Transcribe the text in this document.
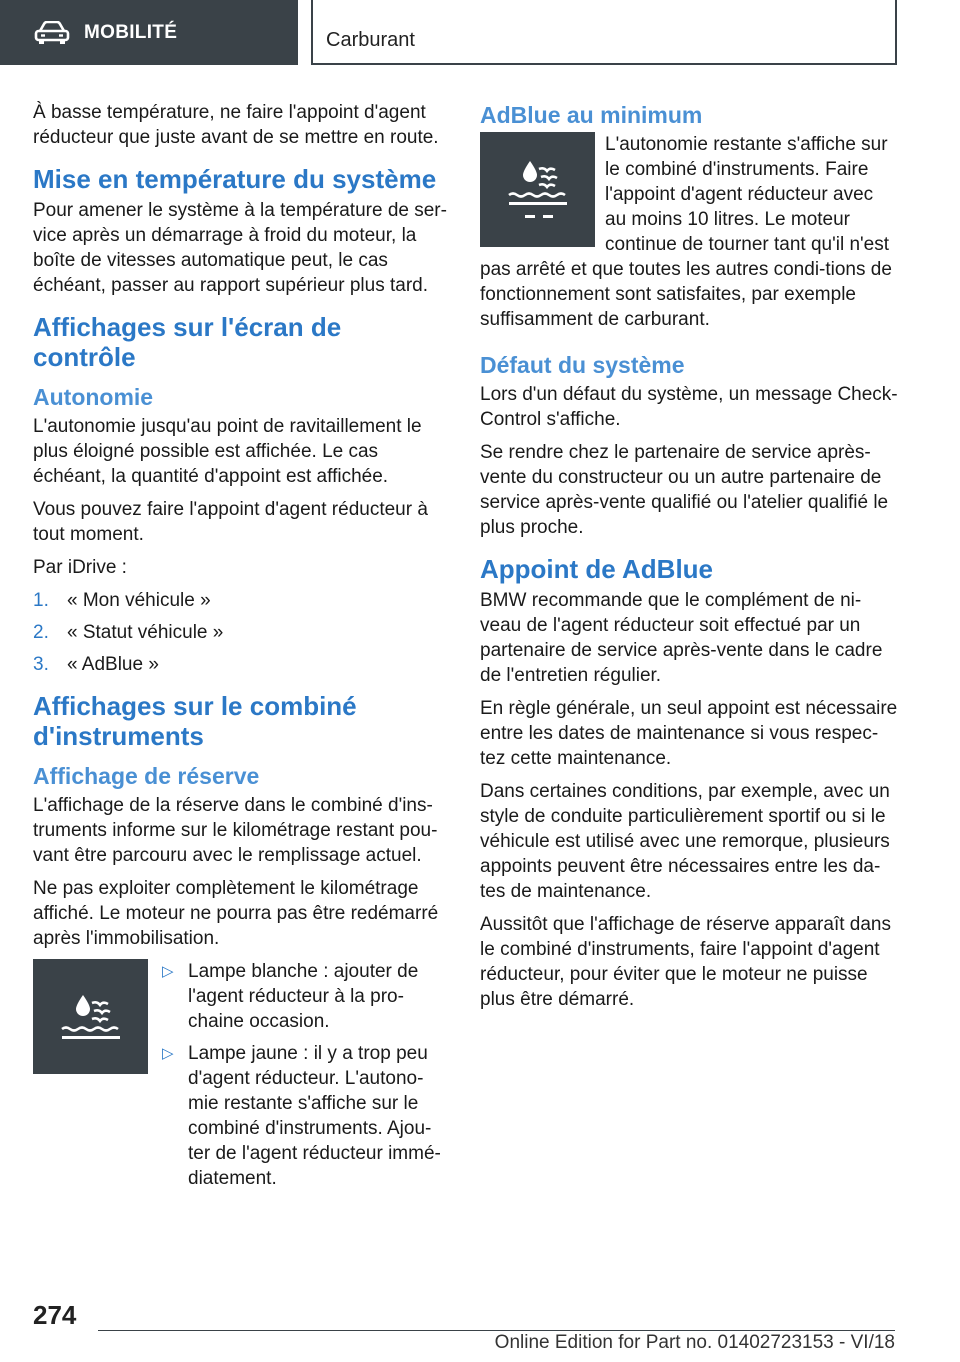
MOBILITÉ	Carburant

À basse température, ne faire l'appoint d'agent réducteur que juste avant de se mettre en route.

Mise en température du système

Pour amener le système à la température de ser-vice après un démarrage à froid du moteur, la boîte de vitesses automatique peut, le cas échéant, passer au rapport supérieur plus tard.

Affichages sur l'écran de contrôle
Autonomie

L'autonomie jusqu'au point de ravitaillement le plus éloigné possible est affichée. Le cas échéant, la quantité d'appoint est affichée.

Vous pouvez faire l'appoint d'agent réducteur à tout moment.

Par iDrive :

1. « Mon véhicule »
2. « Statut véhicule »
3. « AdBlue »
Affichages sur le combiné d'instruments
Affichage de réserve

L'affichage de la réserve dans le combiné d'ins-truments informe sur le kilométrage restant pou-vant être parcouru avec le remplissage actuel.

Ne pas exploiter complètement le kilométrage affiché. Le moteur ne pourra pas être redémarré après l'immobilisation.

▷ Lampe blanche : ajouter de l'agent réducteur à la pro-chaine occasion.
▷ Lampe jaune : il y a trop peu d'agent réducteur. L'autono-mie restante s'affiche sur le combiné d'instruments. Ajou-ter de l'agent réducteur immé-diatement.
AdBlue au minimum

L'autonomie restante s'affiche sur le combiné d'instruments. Faire l'appoint d'agent réducteur avec au moins 10 litres. Le moteur continue de tourner tant qu'il n'est pas arrêté et que toutes les autres condi-tions de fonctionnement sont satisfaites, par exemple suffisamment de carburant.

Défaut du système

Lors d'un défaut du système, un message Check-Control s'affiche.

Se rendre chez le partenaire de service après-vente du constructeur ou un autre partenaire de service après-vente qualifié ou l'atelier qualifié le plus proche.

Appoint de AdBlue

BMW recommande que le complément de ni-veau de l'agent réducteur soit effectué par un partenaire de service après-vente dans le cadre de l'entretien régulier.

En règle générale, un seul appoint est nécessaire entre les dates de maintenance si vous respec-tez cette maintenance.

Dans certaines conditions, par exemple, avec un style de conduite particulièrement sportif ou si le véhicule est utilisé avec une remorque, plusieurs appoints peuvent être nécessaires entre les da-tes de maintenance.

Aussitôt que l'affichage de réserve apparaît dans le combiné d'instruments, faire l'appoint d'agent réducteur, pour éviter que le moteur ne puisse plus être démarré.

274
Online Edition for Part no. 01402723153 - VI/18
